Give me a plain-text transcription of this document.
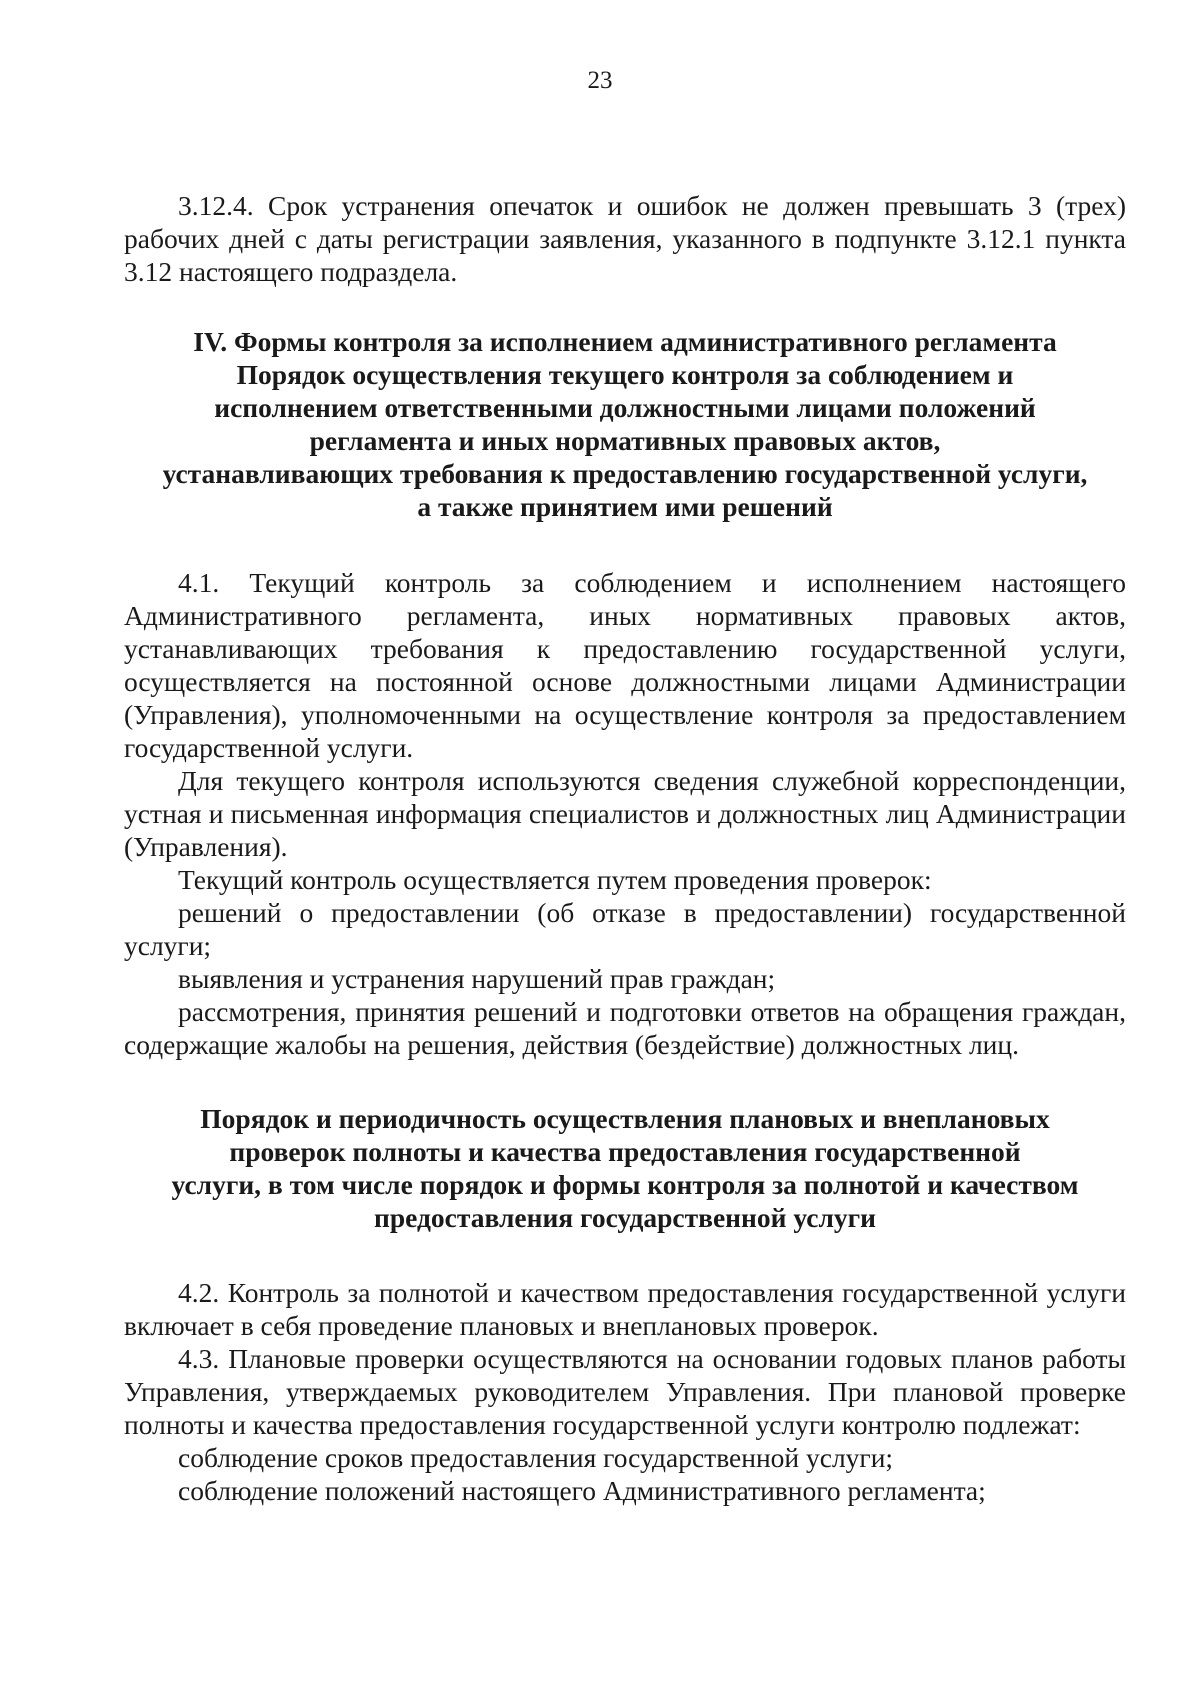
23

3.12.4. Срок устранения опечаток и ошибок не должен превышать 3 (трех) рабочих дней с даты регистрации заявления, указанного в подпункте 3.12.1 пункта 3.12 настоящего подраздела.

IV. Формы контроля за исполнением административного регламента
Порядок осуществления текущего контроля за соблюдением и
исполнением ответственными должностными лицами положений
регламента и иных нормативных правовых актов,
устанавливающих требования к предоставлению государственной услуги,
а также принятием ими решений

4.1. Текущий контроль за соблюдением и исполнением настоящего Административного регламента, иных нормативных правовых актов, устанавливающих требования к предоставлению государственной услуги, осуществляется на постоянной основе должностными лицами Администрации (Управления), уполномоченными на осуществление контроля за предоставлением государственной услуги.

Для текущего контроля используются сведения служебной корреспонденции, устная и письменная информация специалистов и должностных лиц Администрации (Управления).

Текущий контроль осуществляется путем проведения проверок:

решений о предоставлении (об отказе в предоставлении) государственной услуги;

выявления и устранения нарушений прав граждан;

рассмотрения, принятия решений и подготовки ответов на обращения граждан, содержащие жалобы на решения, действия (бездействие) должностных лиц.

Порядок и периодичность осуществления плановых и внеплановых
проверок полноты и качества предоставления государственной
услуги, в том числе порядок и формы контроля за полнотой и качеством
предоставления государственной услуги

4.2. Контроль за полнотой и качеством предоставления государственной услуги включает в себя проведение плановых и внеплановых проверок.

4.3. Плановые проверки осуществляются на основании годовых планов работы Управления, утверждаемых руководителем Управления. При плановой проверке полноты и качества предоставления государственной услуги контролю подлежат:

соблюдение сроков предоставления государственной услуги;

соблюдение положений настоящего Административного регламента;
